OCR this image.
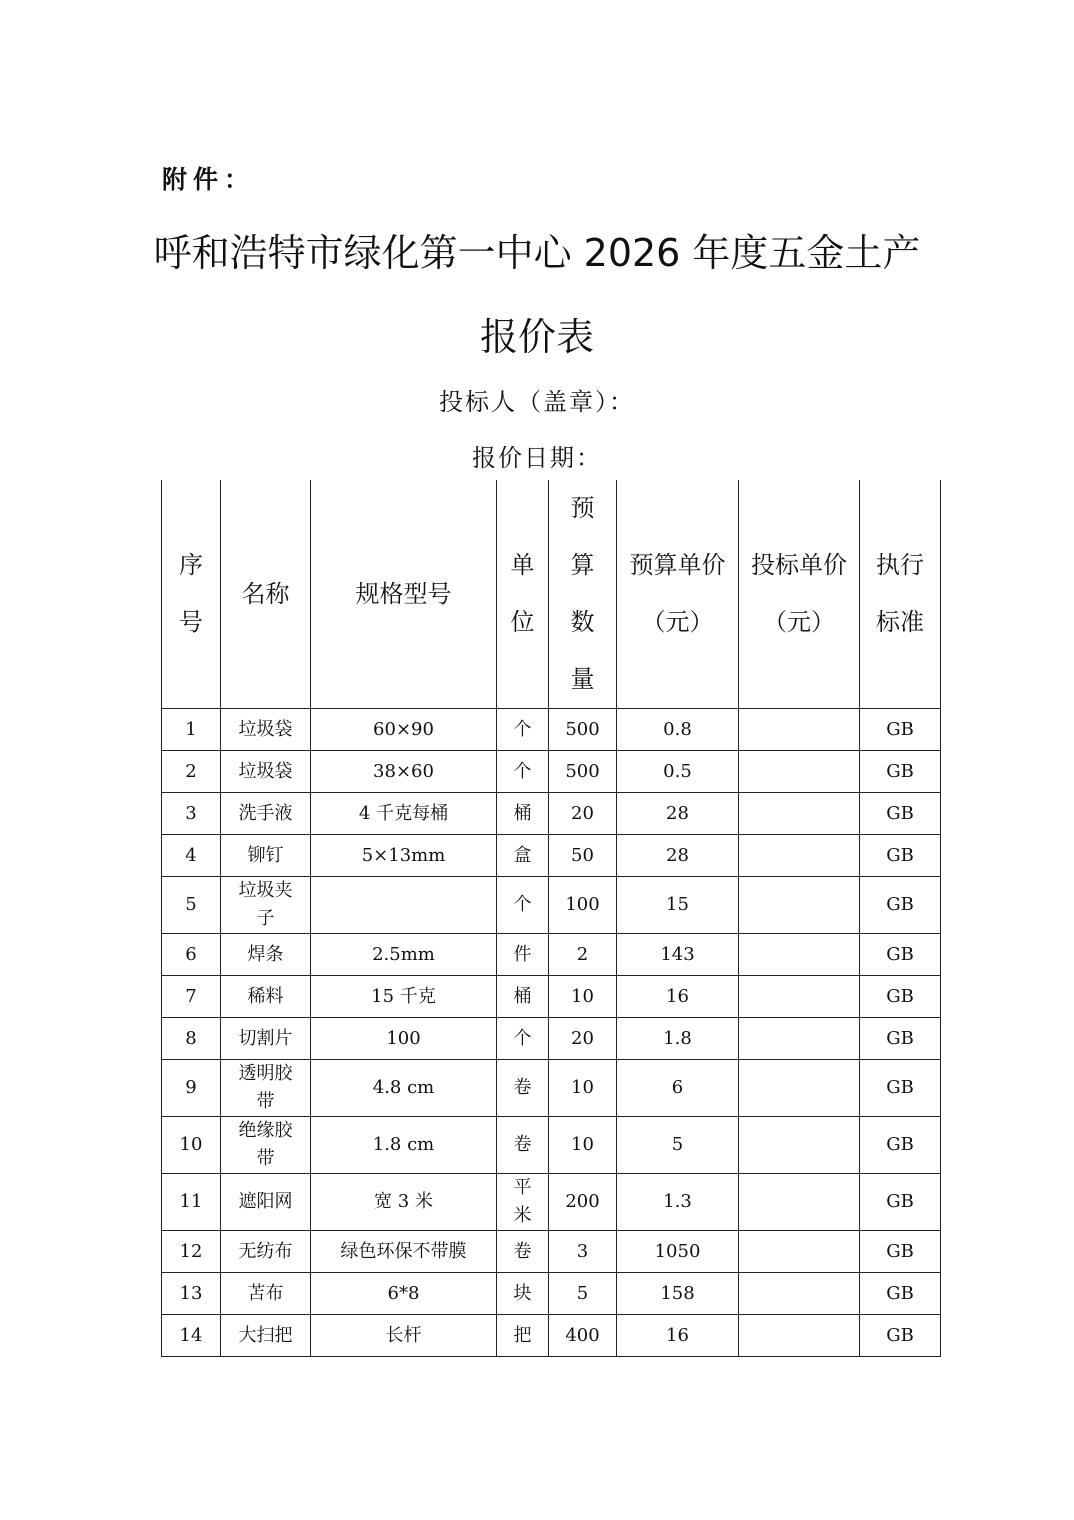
附件：
呼和浩特市绿化第一中心 2026 年度五金土产
报价表
投标人（盖章）：
报价日期：
序号	名称	规格型号	单位	预算数量	预算单价（元）	投标单价（元）	执行标准
1	垃圾袋	60×90	个	500	0.8		GB
2	垃圾袋	38×60	个	500	0.5		GB
3	洗手液	4 千克每桶	桶	20	28		GB
4	铆钉	5×13mm	盒	50	28		GB
5	垃圾夹子		个	100	15		GB
6	焊条	2.5mm	件	2	143		GB
7	稀料	15 千克	桶	10	16		GB
8	切割片	100	个	20	1.8		GB
9	透明胶带	4.8 cm	卷	10	6		GB
10	绝缘胶带	1.8 cm	卷	10	5		GB
11	遮阳网	宽 3 米	平米	200	1.3		GB
12	无纺布	绿色环保不带膜	卷	3	1050		GB
13	苫布	6*8	块	5	158		GB
14	大扫把	长杆	把	400	16		GB
